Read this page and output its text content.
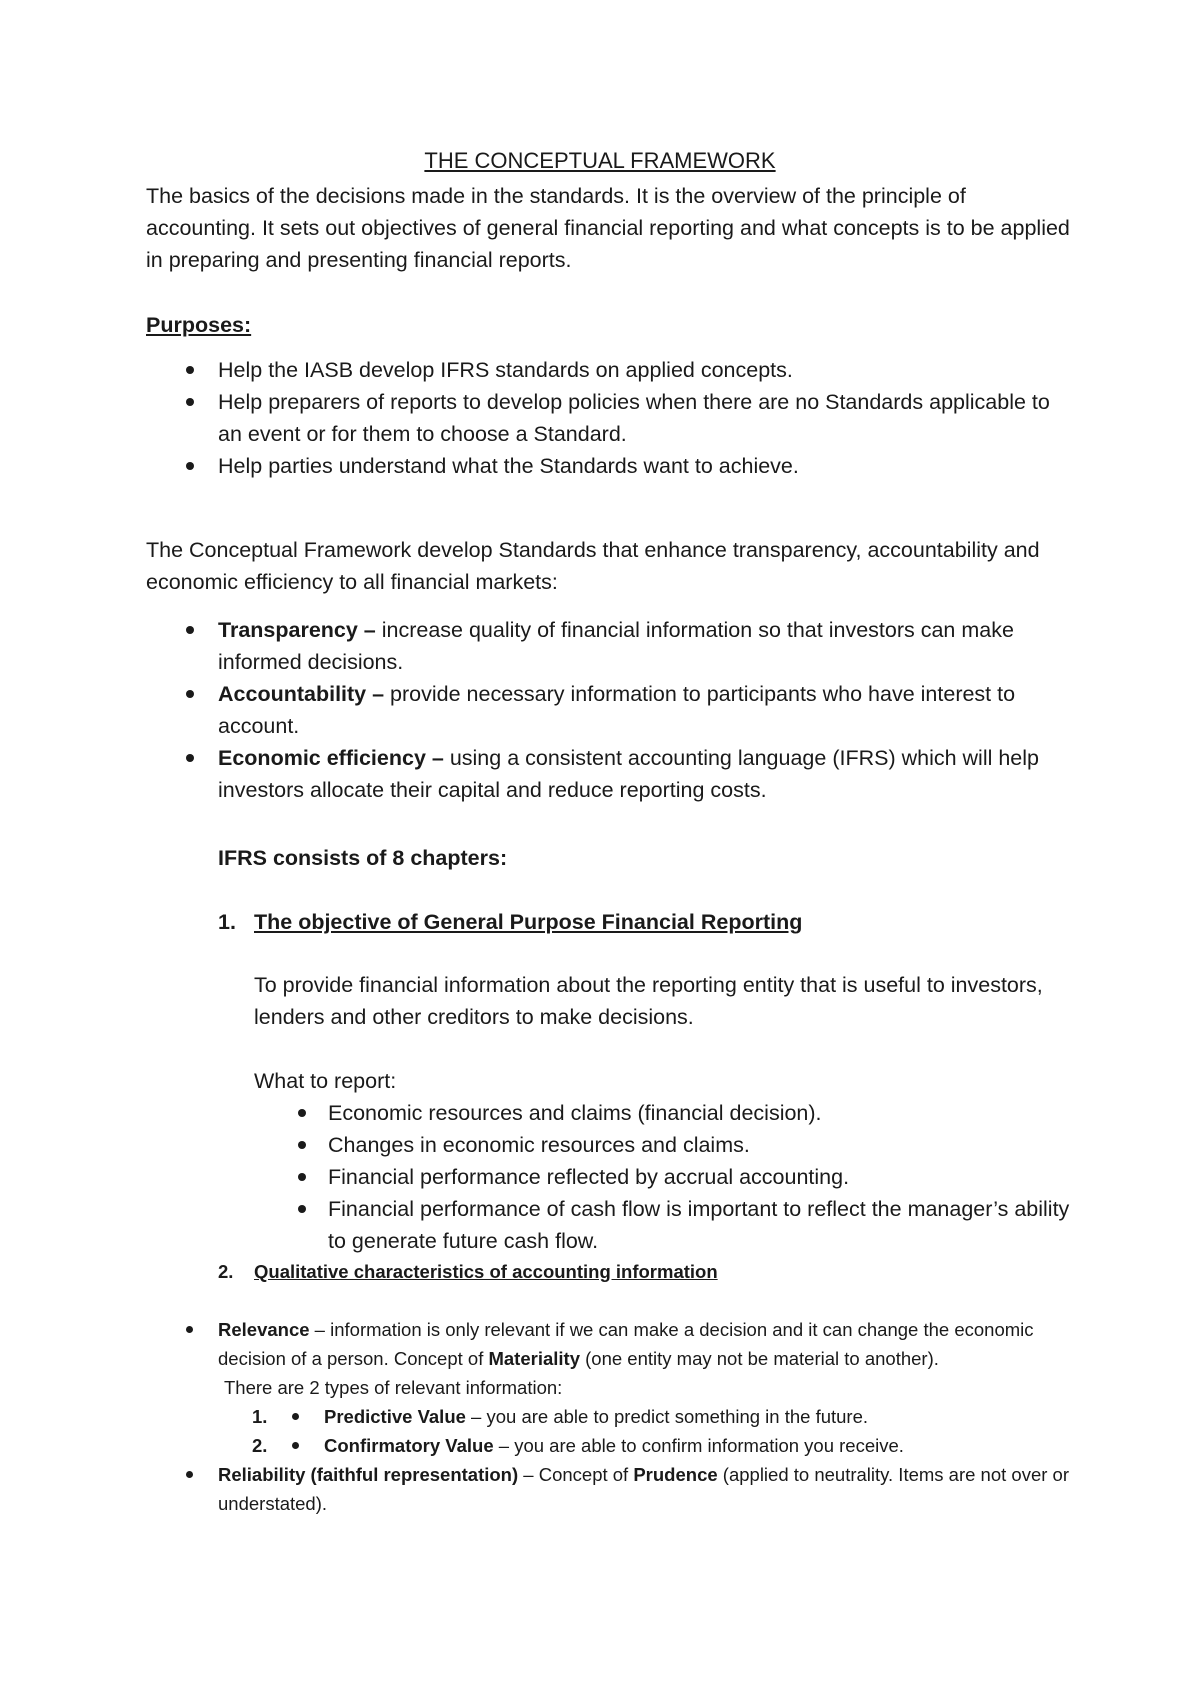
THE CONCEPTUAL FRAMEWORK

The basics of the decisions made in the standards. It is the overview of the principle of accounting. It sets out objectives of general financial reporting and what concepts is to be applied in preparing and presenting financial reports.

Purposes:

Help the IASB develop IFRS standards on applied concepts.
Help preparers of reports to develop policies when there are no Standards applicable to an event or for them to choose a Standard.
Help parties understand what the Standards want to achieve.

The Conceptual Framework develop Standards that enhance transparency, accountability and economic efficiency to all financial markets:

Transparency – increase quality of financial information so that investors can make informed decisions.
Accountability – provide necessary information to participants who have interest to account.
Economic efficiency – using a consistent accounting language (IFRS) which will help investors allocate their capital and reduce reporting costs.

IFRS consists of 8 chapters:

1. The objective of General Purpose Financial Reporting

To provide financial information about the reporting entity that is useful to investors, lenders and other creditors to make decisions.

What to report:

Economic resources and claims (financial decision).
Changes in economic resources and claims.
Financial performance reflected by accrual accounting.
Financial performance of cash flow is important to reflect the manager’s ability to generate future cash flow.

2. Qualitative characteristics of accounting information

Relevance – information is only relevant if we can make a decision and it can change the economic decision of a person. Concept of Materiality (one entity may not be material to another).
There are 2 types of relevant information:
1.	Predictive Value – you are able to predict something in the future.
2.	Confirmatory Value – you are able to confirm information you receive.
Reliability (faithful representation) – Concept of Prudence (applied to neutrality. Items are not over or understated).
